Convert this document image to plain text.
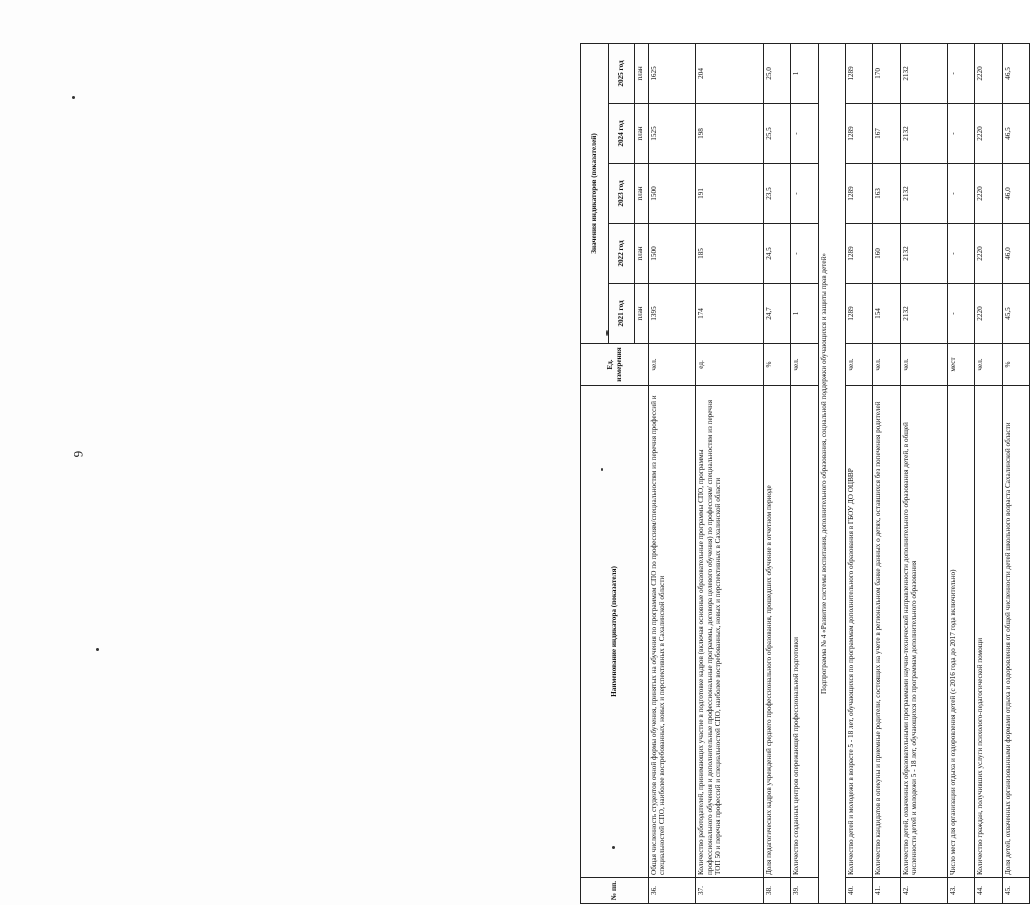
6
№ пп.	Наименование индикатора (показателя)	Ед. измерения	Значения индикаторов (показателей)				
			2021 год	2022 год	2023 год	2024 год	2025 год
			план	план	план	план	план
36.	Общая численность студентов очной формы обучения, принятых на обучения по программам СПО по профессиям/специальностям из перечня профессий и специальностей СПО, наиболее востребованных, новых и перспективных в Сахалинской области	чел.	1395	1500	1500	1525	1625
37.	Количество работодателей, принимающих участие в подготовке кадров (включая основные образовательные программы СПО, программы профессионального обучения и дополнительные профессиональные программы, договора целевого обучения) по профессиям/ специальностям из перечня ТОП 50 и перечня профессий и специальностей СПО, наиболее востребованных, новых и перспективных в Сахалинской области	ед.	174	185	191	198	204
38.	Доля педагогических кадров учреждений среднего профессионального образования, прошедших обучение в отчетном периоде	%	24,7	24,5	23,5	25,5	25,0
39.	Количество созданных центров опережающей профессиональной подготовки	чел.	1	-	-	-	1
Подпрограмма № 4 «Развитие системы воспитания, дополнительного образования, социальной поддержки обучающихся и защиты прав детей»							
40.	Количество детей и молодежи в возрасте 5 - 18 лет, обучающихся по программам дополнительного образования в ГБОУ ДО ОЦВВР	чел.	1289	1289	1289	1289	1289
41.	Количество кандидатов в опекуны и приемные родители, состоящих на учете в региональном банке данных о детях, оставшихся без попечения родителей	чел.	154	160	163	167	170
42.	Количество детей, охваченных образовательными программами научно-технической направленности дополнительного образования детей, в общей численности детей и молодежи 5 - 18 лет, обучающихся по программам дополнительного образования	чел.	2132	2132	2132	2132	2132
43.	Число мест для организации отдыха и оздоровления детей (с 2016 года до 2017 года включительно)	мест	-	-	-	-	-
44.	Количество граждан, получивших услуги психолого-педагогической помощи	чел.	2220	2220	2220	2220	2220
45.	Доля детей, охваченных организованными формами отдыха и оздоровления от общей численности детей школьного возраста Сахалинской области	%	45,5	46,0	46,0	46,5	46,5
